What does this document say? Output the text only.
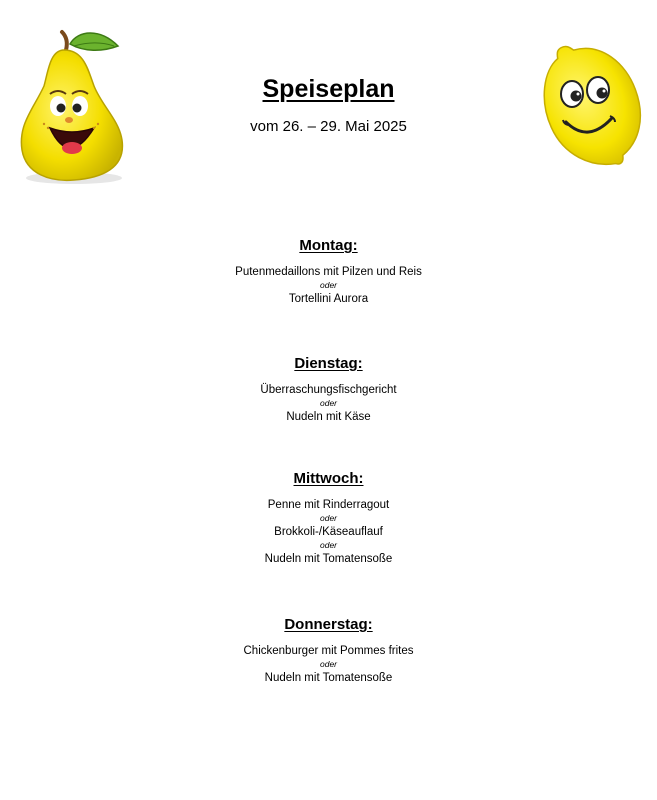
Speiseplan
vom 26. – 29. Mai 2025
Montag:
Putenmedaillons mit Pilzen und Reis
oder
Tortellini Aurora
Dienstag:
Überraschungsfischgericht
oder
Nudeln mit Käse
Mittwoch:
Penne mit Rinderragout
oder
Brokkoli-/Käseauflauf
oder
Nudeln mit Tomatensoße
Donnerstag:
Chickenburger mit Pommes frites
oder
Nudeln mit Tomatensoße
